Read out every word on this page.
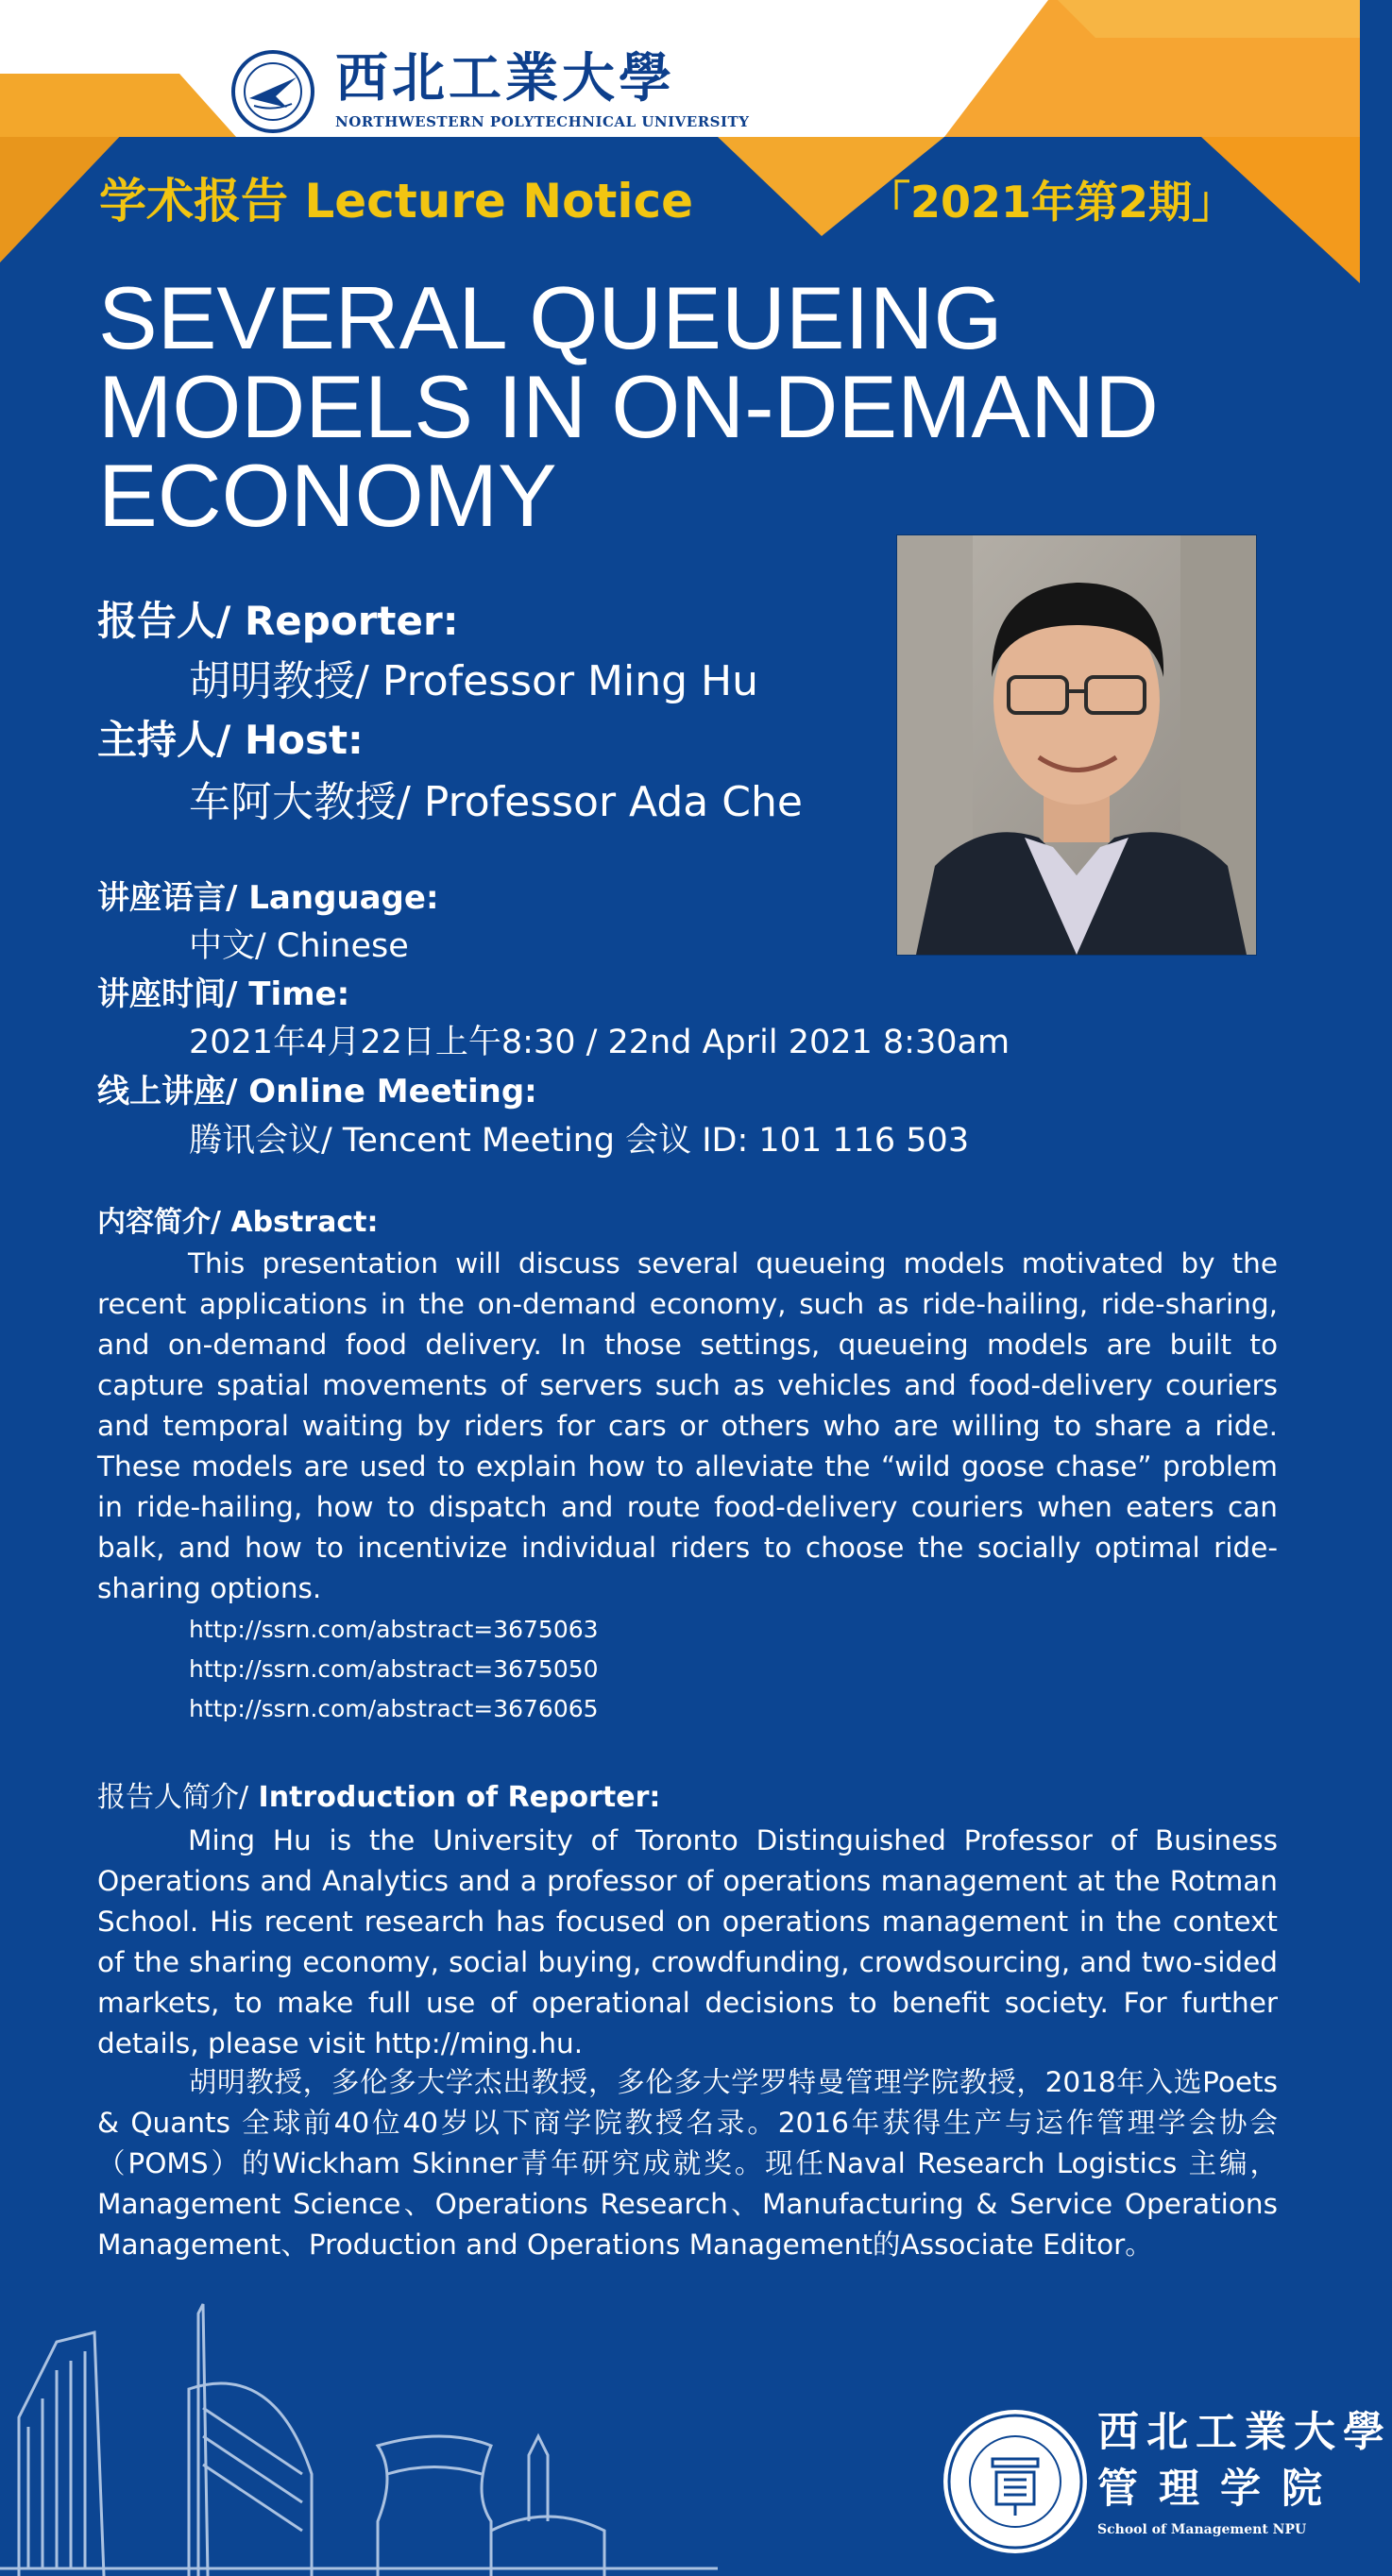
西北工業大學
NORTHWESTERN POLYTECHNICAL UNIVERSITY
学术报告 Lecture Notice	「2021年第2期」
SEVERAL QUEUEING
MODELS IN ON-DEMAND
ECONOMY
报告人/ Reporter:
胡明教授/ Professor Ming Hu
主持人/ Host:
车阿大教授/ Professor Ada Che
讲座语言/ Language:
中文/ Chinese
讲座时间/ Time:
2021年4月22日上午8:30 / 22nd April 2021 8:30am
线上讲座/ Online Meeting:
腾讯会议/ Tencent Meeting 会议 ID: 101 116 503
内容简介/ Abstract:

This presentation will discuss several queueing models motivated by the recent applications in the on-demand economy, such as ride-hailing, ride-sharing, and on-demand food delivery. In those settings, queueing models are built to capture spatial movements of servers such as vehicles and food-delivery couriers and temporal waiting by riders for cars or others who are willing to share a ride. These models are used to explain how to alleviate the “wild goose chase” problem in ride-hailing, how to dispatch and route food-delivery couriers when eaters can balk, and how to incentivize individual riders to choose the socially optimal ride-sharing options.

http://ssrn.com/abstract=3675063
http://ssrn.com/abstract=3675050
http://ssrn.com/abstract=3676065
报告人简介/ Introduction of Reporter:

Ming Hu is the University of Toronto Distinguished Professor of Business Operations and Analytics and a professor of operations management at the Rotman School. His recent research has focused on operations management in the context of the sharing economy, social buying, crowdfunding, crowdsourcing, and two-sided markets, to make full use of operational decisions to benefit society. For further details, please visit http://ming.hu.

胡明教授，多伦多大学杰出教授，多伦多大学罗特曼管理学院教授，2018年入选Poets & Quants 全球前40位40岁以下商学院教授名录。2016年获得生产与运作管理学会协会（POMS）的Wickham Skinner青年研究成就奖。现任Naval Research Logistics 主编，Management Science、Operations Research、Manufacturing & Service Operations Management、Production and Operations Management的Associate Editor。

西北工業大學
管理学院
School of Management NPU
